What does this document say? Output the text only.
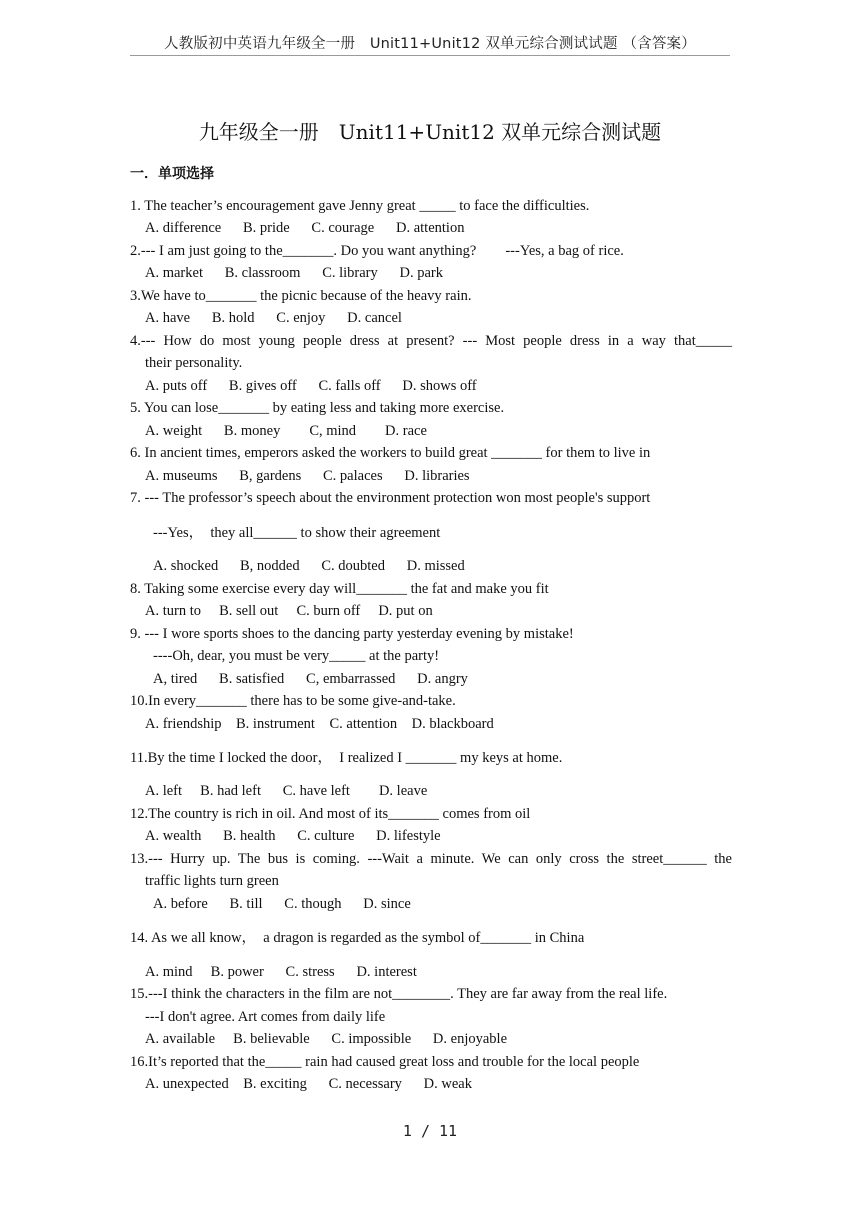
人教版初中英语九年级全一册　Unit11+Unit12 双单元综合测试试题 （含答案）
九年级全一册　Unit11+Unit12 双单元综合测试题
一．单项选择
1. The teacher’s encouragement gave Jenny great _____ to face the difficulties.
A. difference      B. pride      C. courage      D. attention
2.--- I am just going to the_______. Do you want anything?        ---Yes, a bag of rice.
A. market      B. classroom      C. library      D. park
3.We have to_______ the picnic because of the heavy rain.
A. have      B. hold      C. enjoy      D. cancel
4.--- How do most young people dress at present? --- Most people dress in a way that_____
their personality.
A. puts off      B. gives off      C. falls off      D. shows off
5. You can lose_______ by eating less and taking more exercise.
A. weight      B. money        C, mind        D. race
6. In ancient times, emperors asked the workers to build great _______ for them to live in
A. museums      B, gardens      C. palaces      D. libraries
7. --- The professor’s speech about the environment protection won most people's support
---Yes，  they all______ to show their agreement
A. shocked      B, nodded      C. doubted      D. missed
8. Taking some exercise every day will_______ the fat and make you fit
A. turn to     B. sell out     C. burn off     D. put on
9. --- I wore sports shoes to the dancing party yesterday evening by mistake!
----Oh, dear, you must be very_____ at the party!
A, tired      B. satisfied      C, embarrassed      D. angry
10.In every_______ there has to be some give-and-take.
A. friendship    B. instrument    C. attention    D. blackboard
11.By the time I locked the door，  I realized I _______ my keys at home.
A. left     B. had left      C. have left        D. leave
12.The country is rich in oil. And most of its_______ comes from oil
A. wealth      B. health      C. culture      D. lifestyle
13.--- Hurry up. The bus is coming. ---Wait a minute. We can only cross the street______ the
traffic lights turn green
A. before      B. till      C. though      D. since
14. As we all know，  a dragon is regarded as the symbol of_______ in China
A. mind     B. power      C. stress      D. interest
15.---I think the characters in the film are not________. They are far away from the real life.
---I don't agree. Art comes from daily life
A. available     B. believable      C. impossible      D. enjoyable
16.It’s reported that the_____ rain had caused great loss and trouble for the local people
A. unexpected    B. exciting      C. necessary      D. weak
1 / 11
